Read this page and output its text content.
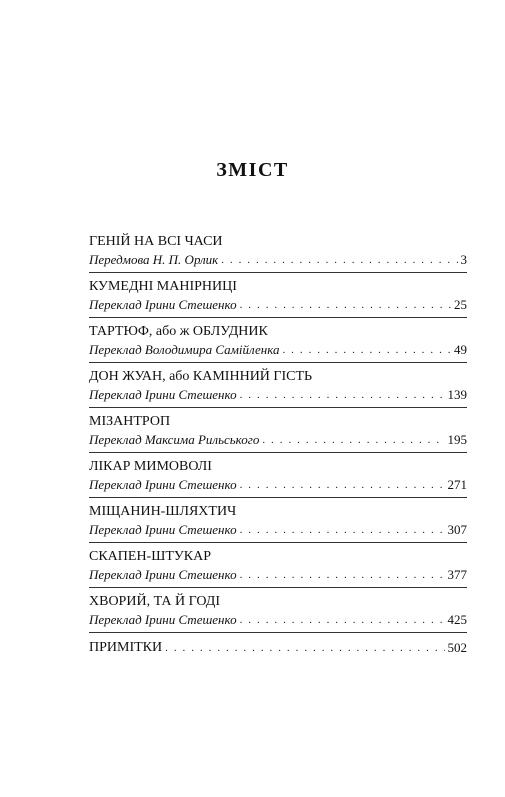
ЗМІСТ
ГЕНІЙ НА ВСІ ЧАСИ
Передмова Н. П. Орлик . . .	3
КУМЕДНІ МАНІРНИЦІ
Переклад Ірини Стешенко . . .	25
ТАРТЮФ, або ж ОБЛУДНИК
Переклад Володимира Самійленка . . .	49
ДОН ЖУАН, або КАМІННИЙ ГІСТЬ
Переклад Ірини Стешенко . . .	139
МІЗАНТРОП
Переклад Максима Рильського . . .	195
ЛІКАР МИМОВОЛІ
Переклад Ірини Стешенко . . .	271
МІЩАНИН-ШЛЯХТИЧ
Переклад Ірини Стешенко . . .	307
СКАПЕН-ШТУКАР
Переклад Ірини Стешенко . . .	377
ХВОРИЙ, ТА Й ГОДІ
Переклад Ірини Стешенко . . .	425
ПРИМІТКИ . . .	502
